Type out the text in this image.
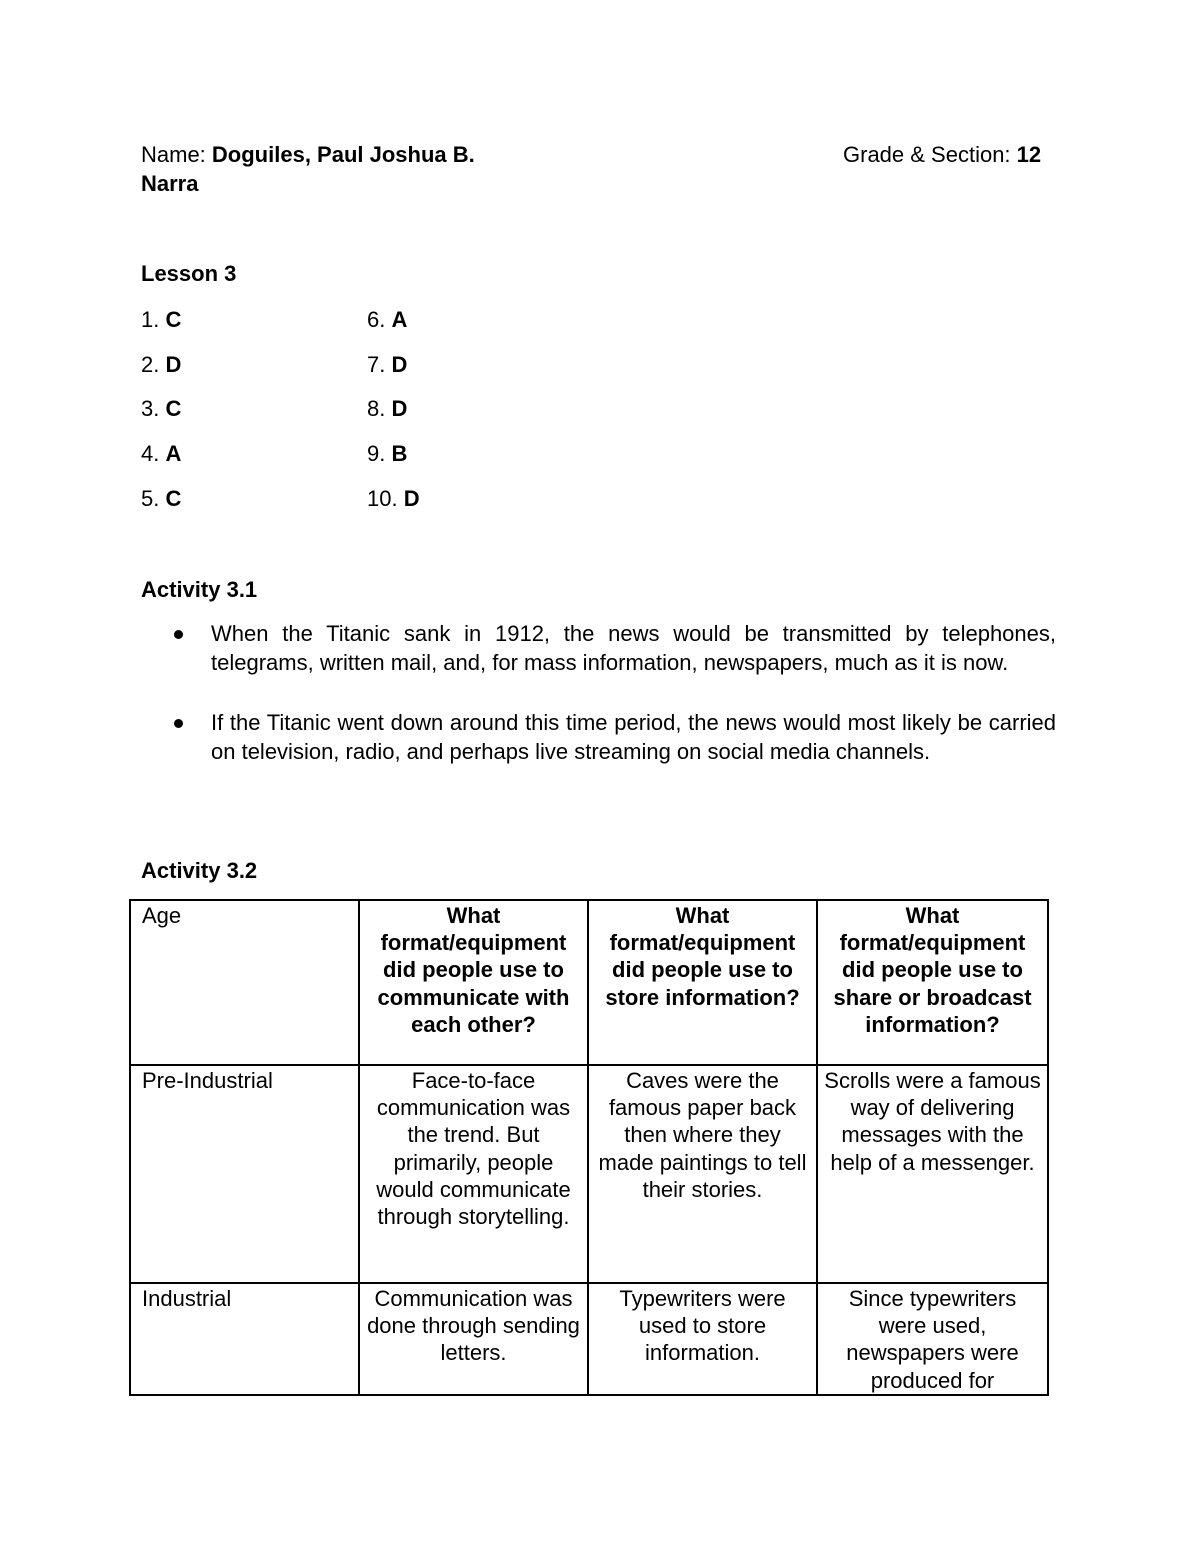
Name: Doguiles, Paul Joshua B.	Grade & Section: 12
Narra
Lesson 3
1. C
2. D
3. C
4. A
5. C
6. A
7. D
8. D
9. B
10. D
Activity 3.1
When the Titanic sank in 1912, the news would be transmitted by telephones, telegrams, written mail, and, for mass information, newspapers, much as it is now.
If the Titanic went down around this time period, the news would most likely be carried on television, radio, and perhaps live streaming on social media channels.
Activity 3.2
Age	What format/equipment did people use to communicate with each other?	What format/equipment did people use to store information?	What format/equipment did people use to share or broadcast information?
Pre-Industrial	Face-to-face communication was the trend. But primarily, people would communicate through storytelling.	Caves were the famous paper back then where they made paintings to tell their stories.	Scrolls were a famous way of delivering messages with the help of a messenger.
Industrial	Communication was done through sending letters.	Typewriters were used to store information.	Since typewriters were used, newspapers were produced for
